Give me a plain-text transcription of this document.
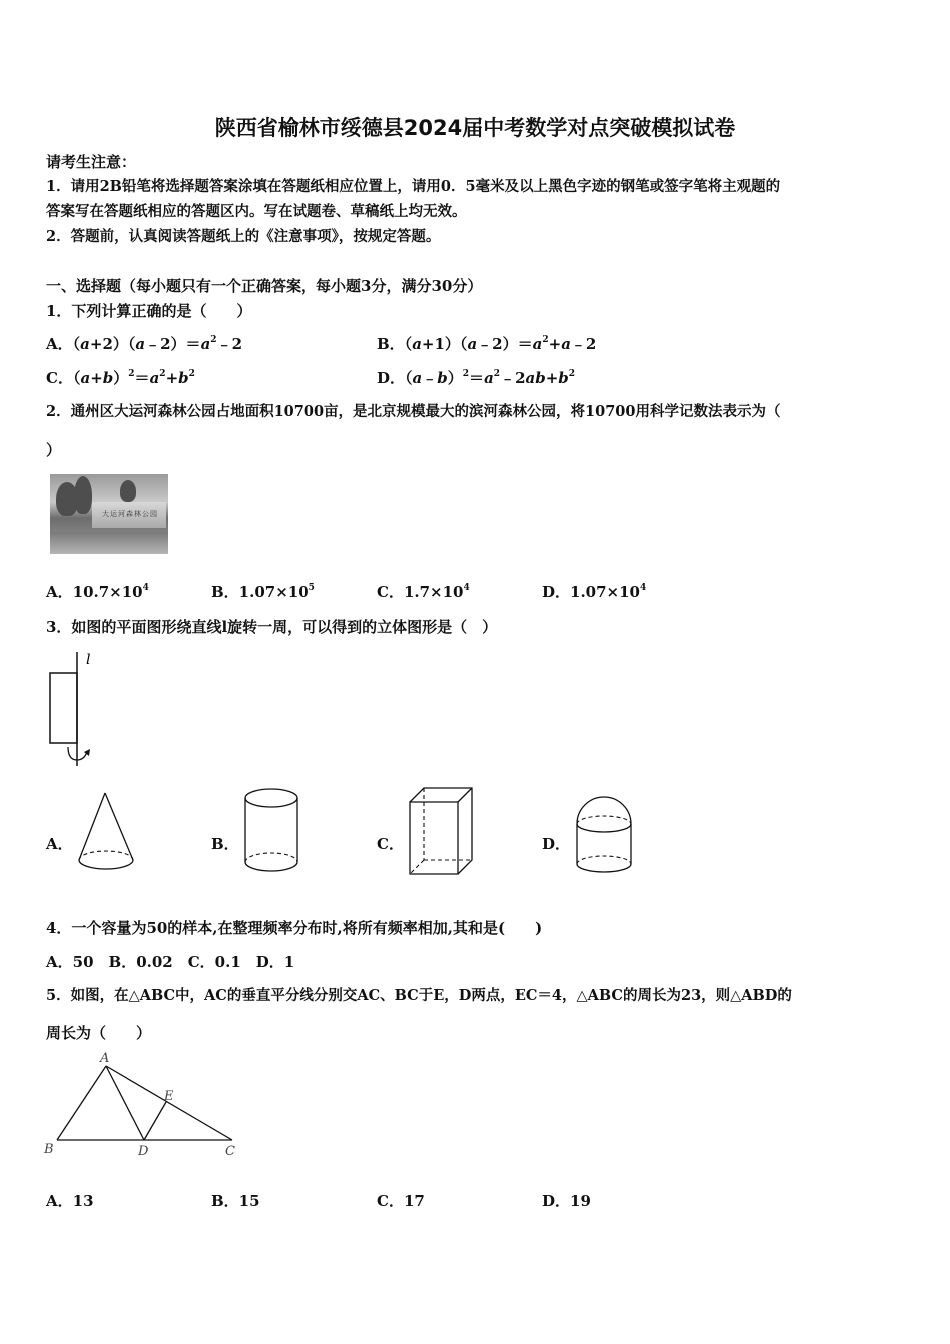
陕西省榆林市绥德县2024届中考数学对点突破模拟试卷
请考生注意：
1．请用2B铅笔将选择题答案涂填在答题纸相应位置上，请用0．5毫米及以上黑色字迹的钢笔或签字笔将主观题的
答案写在答题纸相应的答题区内。写在试题卷、草稿纸上均无效。
2．答题前，认真阅读答题纸上的《注意事项》，按规定答题。
一、选择题（每小题只有一个正确答案，每小题3分，满分30分）
1．下列计算正确的是（　　）
A．$(a+2)(a﹣2)=a^2﹣2$	B．$(a+1)(a﹣2)=a^2+a﹣2$
C．$(a+b)^2=a^2+b^2$	D．$(a﹣b)^2=a^2﹣2ab+b^2$
2．通州区大运河森林公园占地面积10700亩，是北京规模最大的滨河森林公园，将10700用科学记数法表示为（
）
大运河森林公园
A．$10.7\times 10^4$	B．$1.07\times 10^5$	C．$1.7\times 10^4$	D．$1.07\times 10^4$
3．如图的平面图形绕直线l旋转一周，可以得到的立体图形是（　）
l
A．	B．	C．	D．
4．一个容量为50的样本,在整理频率分布时,将所有频率相加,其和是(　　)
A．50　B．0.02　C．0.1　D．1
5．如图，在△ABC中，AC的垂直平分线分别交AC、BC于E，D两点，EC＝4，△ABC的周长为23，则△ABD的
周长为（　　）
A
B	D	C
E
A．13	B．15	C．17	D．19
